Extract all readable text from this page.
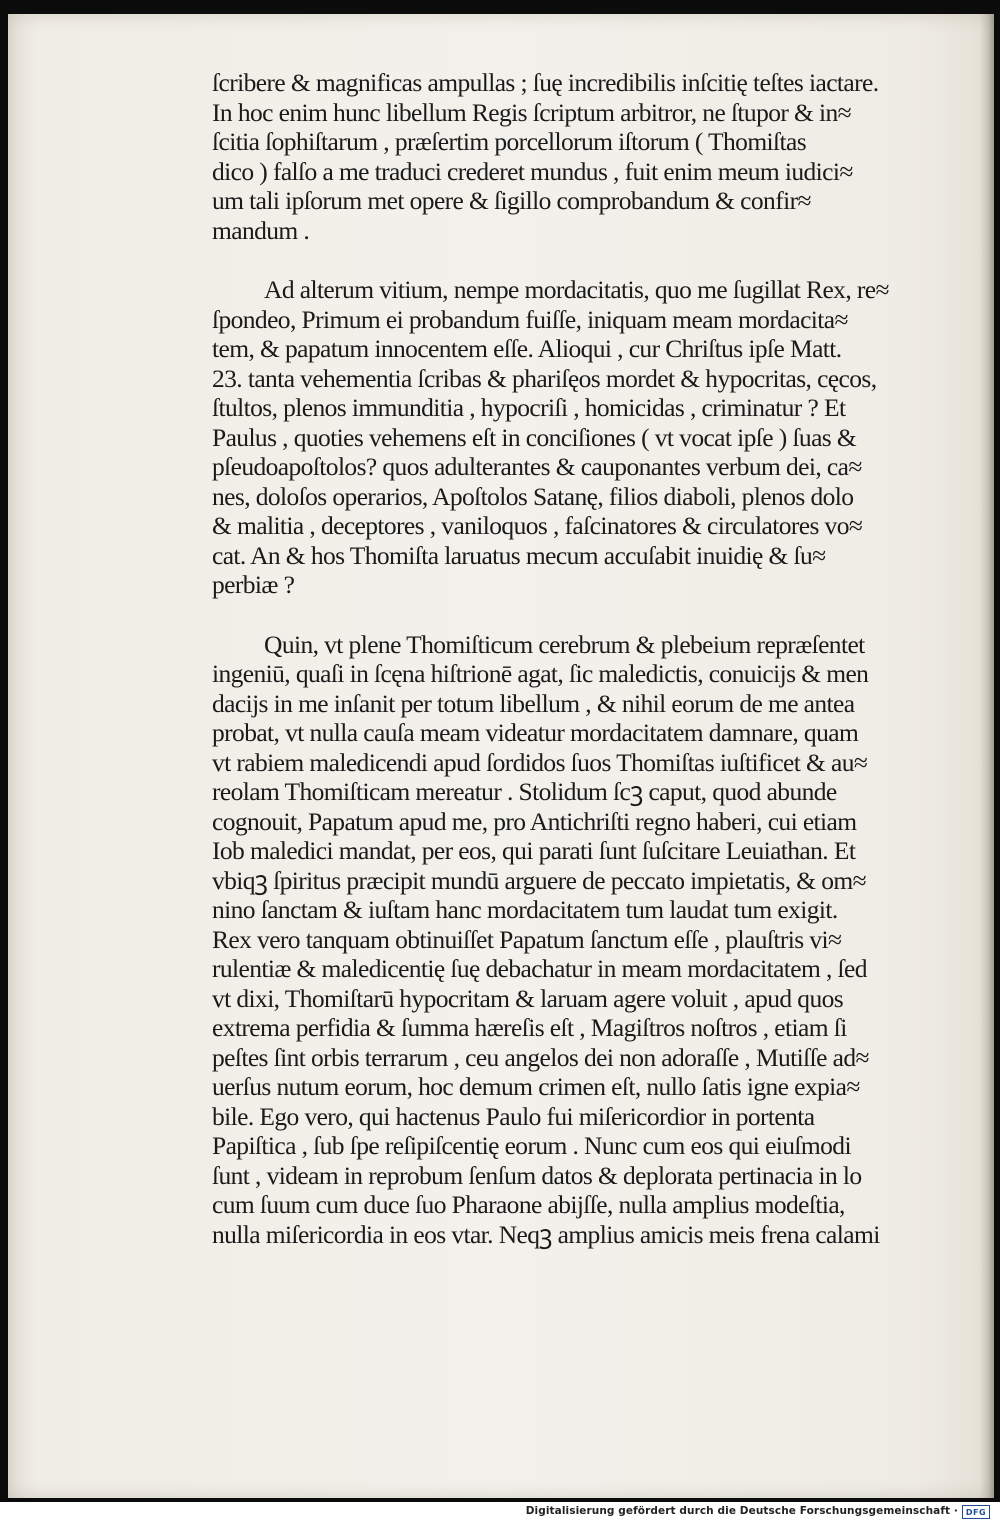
ſcribere & magnificas ampullas ; ſuę incredibilis inſcitię teſtes iactare.
In hoc enim hunc libellum Regis ſcriptum arbitror, ne ſtupor & in≈
ſcitia ſophiſtarum , præſertim porcellorum iſtorum ( Thomiſtas
dico ) falſo a me traduci crederet mundus , fuit enim meum iudici≈
um tali ipſorum met opere & ſigillo comprobandum & confir≈
mandum .
Ad alterum vitium, nempe mordacitatis, quo me ſugillat Rex, re≈
ſpondeo, Primum ei probandum fuiſſe, iniquam meam mordacita≈
tem, & papatum innocentem eſſe. Alioqui , cur Chriſtus ipſe Matt.
23. tanta vehementia ſcribas & phariſęos mordet & hypocritas, cęcos,
ſtultos, plenos immunditia , hypocriſi , homicidas , criminatur ? Et
Paulus , quoties vehemens eſt in conciſiones ( vt vocat ipſe ) ſuas &
pſeudoapoſtolos? quos adulterantes & cauponantes verbum dei, ca≈
nes, doloſos operarios, Apoſtolos Satanę, filios diaboli, plenos dolo
& malitia , deceptores , vaniloquos , faſcinatores & circulatores vo≈
cat. An & hos Thomiſta laruatus mecum accuſabit inuidię & ſu≈
perbiæ ?
Quin, vt plene Thomiſticum cerebrum & plebeium repræſentet
ingeniū, quaſi in ſcęna hiſtrionē agat, ſic maledictis, conuicijs & men
dacijs in me inſanit per totum libellum , & nihil eorum de me antea
probat, vt nulla cauſa meam videatur mordacitatem damnare, quam
vt rabiem maledicendi apud ſordidos ſuos Thomiſtas iuſtificet & au≈
reolam Thomiſticam mereatur . Stolidum ſcꝫ caput, quod abunde
cognouit, Papatum apud me, pro Antichriſti regno haberi, cui etiam
Iob maledici mandat, per eos, qui parati ſunt ſuſcitare Leuiathan. Et
vbiqꝫ ſpiritus præcipit mundū arguere de peccato impietatis, & om≈
nino ſanctam & iuſtam hanc mordacitatem tum laudat tum exigit.
Rex vero tanquam obtinuiſſet Papatum ſanctum eſſe , plauſtris vi≈
rulentiæ & maledicentię ſuę debachatur in meam mordacitatem , ſed
vt dixi, Thomiſtarū hypocritam & laruam agere voluit , apud quos
extrema perfidia & ſumma hæreſis eſt , Magiſtros noſtros , etiam ſi
peſtes ſint orbis terrarum , ceu angelos dei non adoraſſe , Mutiſſe ad≈
uerſus nutum eorum, hoc demum crimen eſt, nullo ſatis igne expia≈
bile. Ego vero, qui hactenus Paulo fui miſericordior in portenta
Papiſtica , ſub ſpe reſipiſcentię eorum . Nunc cum eos qui eiuſmodi
ſunt , videam in reprobum ſenſum datos & deplorata pertinacia in lo
cum ſuum cum duce ſuo Pharaone abijſſe, nulla amplius modeſtia,
nulla miſericordia in eos vtar. Neqꝫ amplius amicis meis frena calami
Digitalisierung gefördert durch die Deutsche Forschungsgemeinschaft · DFG
